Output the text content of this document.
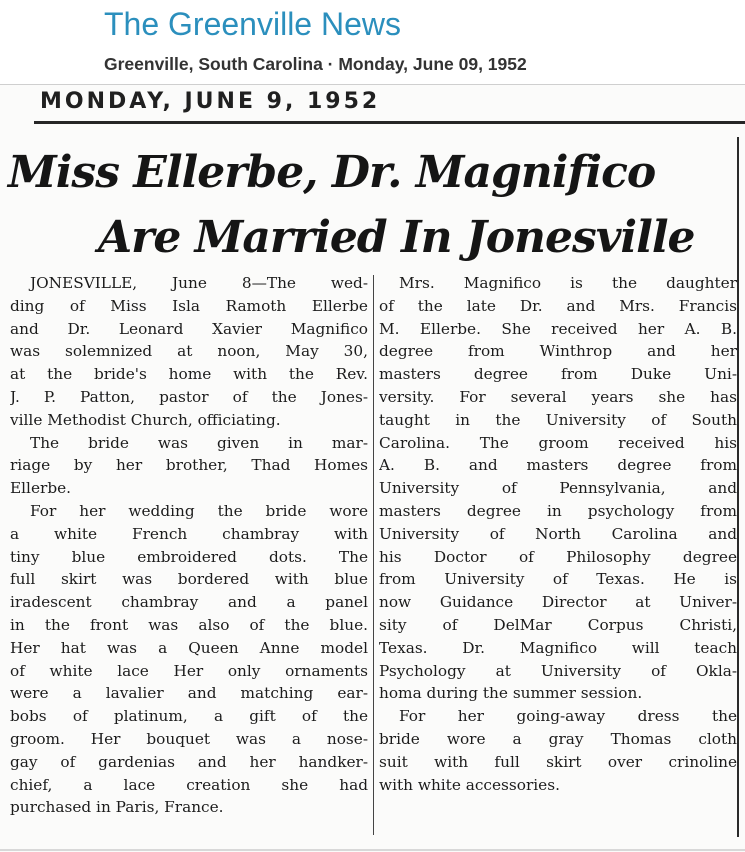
The Greenville News
Greenville, South Carolina · Monday, June 09, 1952
MONDAY, JUNE 9, 1952
Miss Ellerbe, Dr. Magnifico
Are Married In Jonesville
JONESVILLE, June 8—The wed-
ding of Miss Isla Ramoth Ellerbe
and Dr. Leonard Xavier Magnifico
was solemnized at noon, May 30,
at the bride's home with the Rev.
J. P. Patton, pastor of the Jones-
ville Methodist Church, officiating.
The bride was given in mar-
riage by her brother, Thad Homes
Ellerbe.
For her wedding the bride wore
a white French chambray with
tiny blue embroidered dots. The
full skirt was bordered with blue
iradescent chambray and a panel
in the front was also of the blue.
Her hat was a Queen Anne model
of white lace Her only ornaments
were a lavalier and matching ear-
bobs of platinum, a gift of the
groom. Her bouquet was a nose-
gay of gardenias and her handker-
chief, a lace creation she had
purchased in Paris, France.
Mrs. Magnifico is the daughter
of the late Dr. and Mrs. Francis
M. Ellerbe. She received her A. B.
degree from Winthrop and her
masters degree from Duke Uni-
versity. For several years she has
taught in the University of South
Carolina. The groom received his
A. B. and masters degree from
University of Pennsylvania, and
masters degree in psychology from
University of North Carolina and
his Doctor of Philosophy degree
from University of Texas. He is
now Guidance Director at Univer-
sity of DelMar Corpus Christi,
Texas. Dr. Magnifico will teach
Psychology at University of Okla-
homa during the summer session.
For her going-away dress the
bride wore a gray Thomas cloth
suit with full skirt over crinoline
with white accessories.
